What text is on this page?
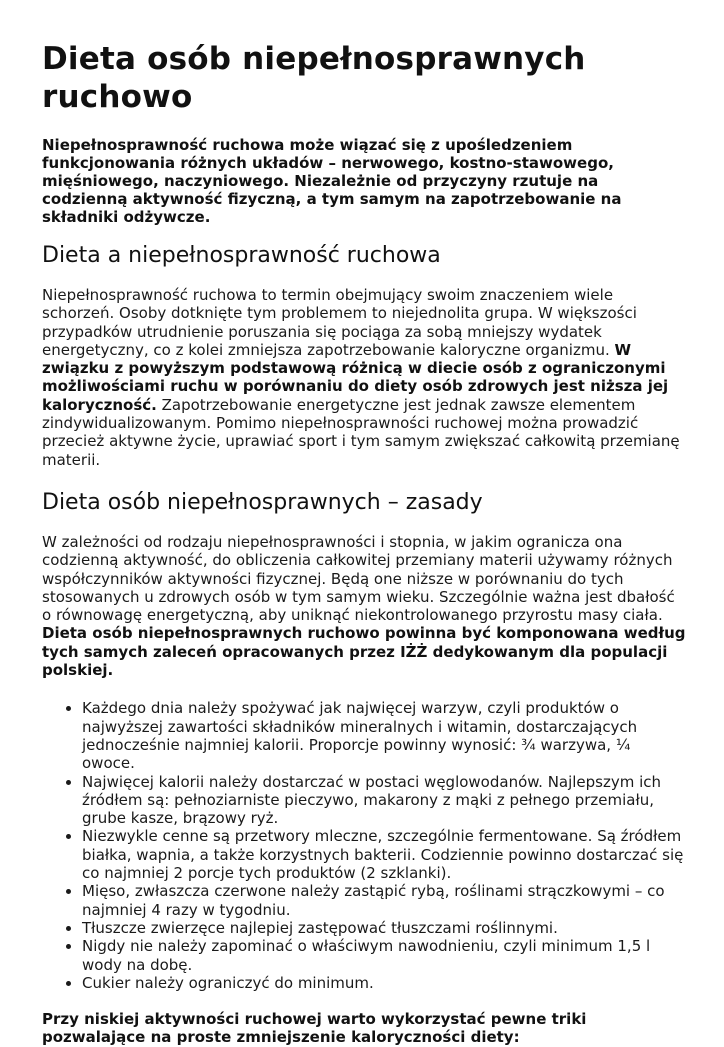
Dieta osób niepełnosprawnych ruchowo

Niepełnosprawność ruchowa może wiązać się z upośledzeniem funkcjonowania różnych układów – nerwowego, kostno-stawowego, mięśniowego, naczyniowego. Niezależnie od przyczyny rzutuje na codzienną aktywność fizyczną, a tym samym na zapotrzebowanie na składniki odżywcze.

Dieta a niepełnosprawność ruchowa

Niepełnosprawność ruchowa to termin obejmujący swoim znaczeniem wiele schorzeń. Osoby dotknięte tym problemem to niejednolita grupa. W większości przypadków utrudnienie poruszania się pociąga za sobą mniejszy wydatek energetyczny, co z kolei zmniejsza zapotrzebowanie kaloryczne organizmu. W związku z powyższym podstawową różnicą w diecie osób z ograniczonymi możliwościami ruchu w porównaniu do diety osób zdrowych jest niższa jej kaloryczność. Zapotrzebowanie energetyczne jest jednak zawsze elementem zindywidualizowanym. Pomimo niepełnosprawności ruchowej można prowadzić przecież aktywne życie, uprawiać sport i tym samym zwiększać całkowitą przemianę materii.

Dieta osób niepełnosprawnych – zasady

W zależności od rodzaju niepełnosprawności i stopnia, w jakim ogranicza ona codzienną aktywność, do obliczenia całkowitej przemiany materii używamy różnych współczynników aktywności fizycznej. Będą one niższe w porównaniu do tych stosowanych u zdrowych osób w tym samym wieku. Szczególnie ważna jest dbałość o równowagę energetyczną, aby uniknąć niekontrolowanego przyrostu masy ciała. Dieta osób niepełnosprawnych ruchowo powinna być komponowana według tych samych zaleceń opracowanych przez IŻŻ dedykowanym dla populacji polskiej.

• Każdego dnia należy spożywać jak najwięcej warzyw, czyli produktów o najwyższej zawartości składników mineralnych i witamin, dostarczających jednocześnie najmniej kalorii. Proporcje powinny wynosić: ¾ warzywa, ¼ owoce.
• Najwięcej kalorii należy dostarczać w postaci węglowodanów. Najlepszym ich źródłem są: pełnoziarniste pieczywo, makarony z mąki z pełnego przemiału, grube kasze, brązowy ryż.
• Niezwykle cenne są przetwory mleczne, szczególnie fermentowane. Są źródłem białka, wapnia, a także korzystnych bakterii. Codziennie powinno dostarczać się co najmniej 2 porcje tych produktów (2 szklanki).
• Mięso, zwłaszcza czerwone należy zastąpić rybą, roślinami strączkowymi – co najmniej 4 razy w tygodniu.
• Tłuszcze zwierzęce najlepiej zastępować tłuszczami roślinnymi.
• Nigdy nie należy zapominać o właściwym nawodnieniu, czyli minimum 1,5 l wody na dobę.
• Cukier należy ograniczyć do minimum.

Przy niskiej aktywności ruchowej warto wykorzystać pewne triki pozwalające na proste zmniejszenie kaloryczności diety:
